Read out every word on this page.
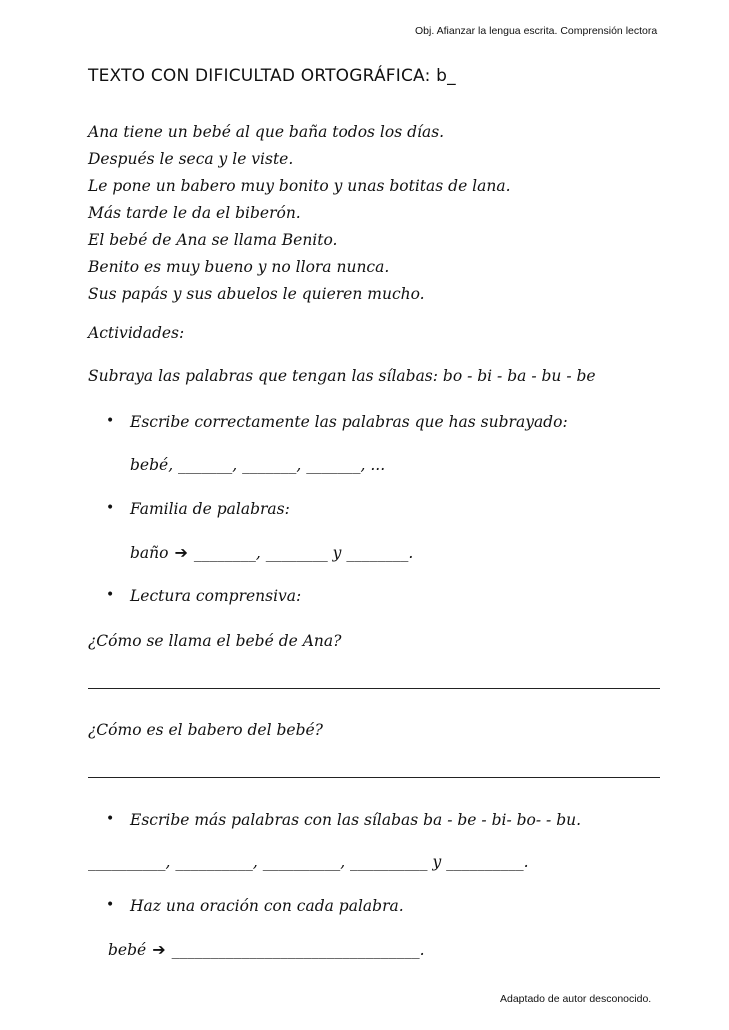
Obj. Afianzar la lengua escrita. Comprensión lectora
TEXTO CON DIFICULTAD ORTOGRÁFICA: b_
Ana tiene un bebé al que baña todos los días.
Después le seca y le viste.
Le pone un babero muy bonito y unas botitas de lana.
Más tarde le da el biberón.
El bebé de Ana se llama Benito.
Benito es muy bueno y no llora nunca.
Sus papás y sus abuelos le quieren mucho.
Actividades:
Subraya las palabras que tengan las sílabas: bo - bi - ba - bu - be
• Escribe correctamente las palabras que has subrayado:
bebé, _______, _______, _______, ...
• Familia de palabras:
baño ➔ ________, ________ y ________.
• Lectura comprensiva:
¿Cómo se llama el bebé de Ana?
¿Cómo es el babero del bebé?
• Escribe más palabras con las sílabas ba - be - bi- bo- - bu.
__________, __________, __________, __________ y __________.
• Haz una oración con cada palabra.
bebé ➔ ________________________________.
Adaptado de autor desconocido.
